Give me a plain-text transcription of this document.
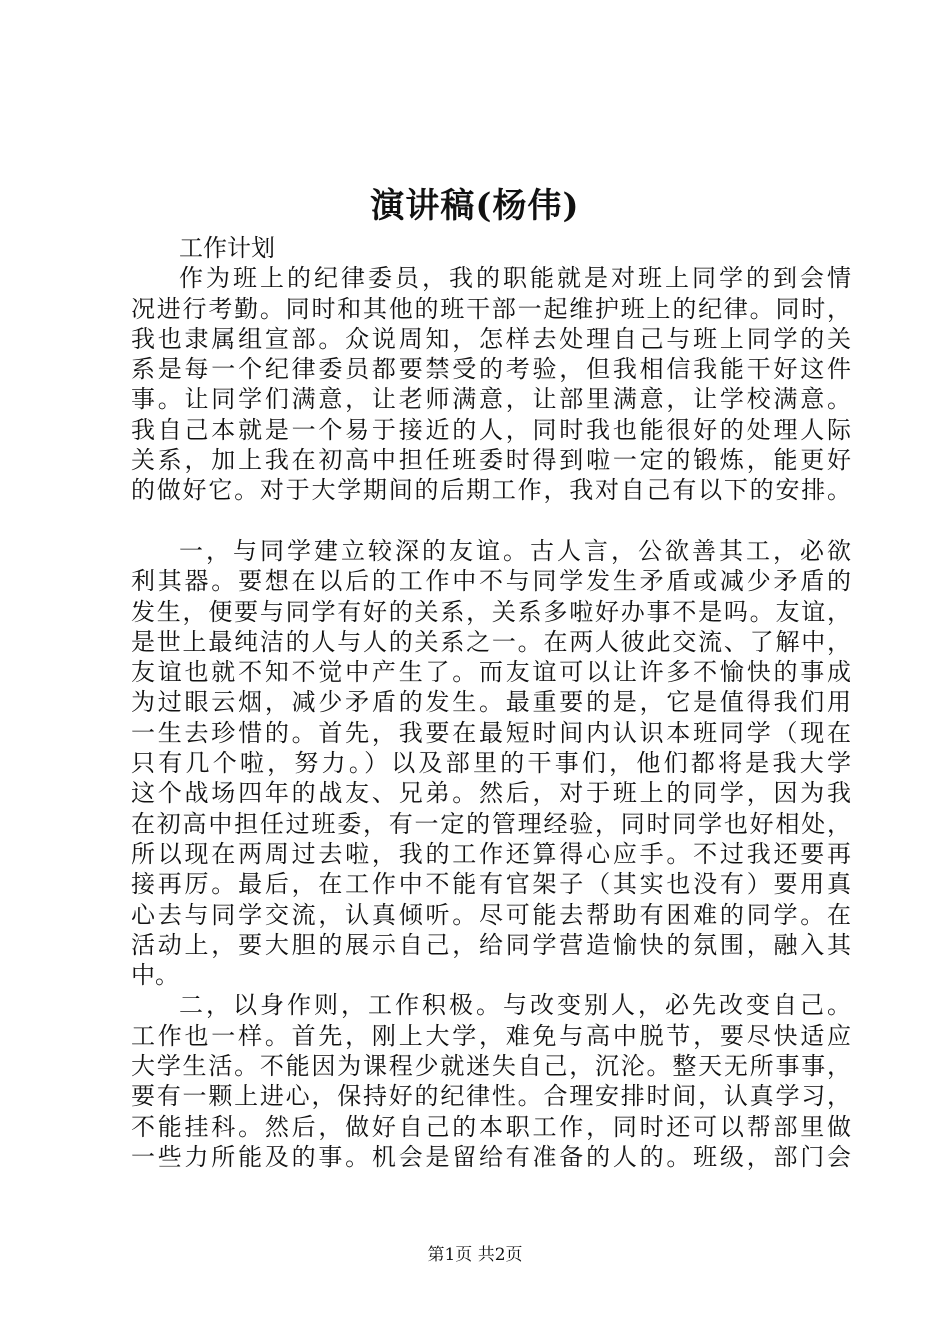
演讲稿(杨伟)
工作计划
作为班上的纪律委员，我的职能就是对班上同学的到会情
况进行考勤。同时和其他的班干部一起维护班上的纪律。同时，
我也隶属组宣部。众说周知，怎样去处理自己与班上同学的关
系是每一个纪律委员都要禁受的考验，但我相信我能干好这件
事。让同学们满意，让老师满意，让部里满意，让学校满意。
我自己本就是一个易于接近的人，同时我也能很好的处理人际
关系，加上我在初高中担任班委时得到啦一定的锻炼，能更好
的做好它。对于大学期间的后期工作，我对自己有以下的安排。
一，与同学建立较深的友谊。古人言，公欲善其工，必欲
利其器。要想在以后的工作中不与同学发生矛盾或减少矛盾的
发生，便要与同学有好的关系，关系多啦好办事不是吗。友谊，
是世上最纯洁的人与人的关系之一。在两人彼此交流、了解中，
友谊也就不知不觉中产生了。而友谊可以让许多不愉快的事成
为过眼云烟，减少矛盾的发生。最重要的是，它是值得我们用
一生去珍惜的。首先，我要在最短时间内认识本班同学（现在
只有几个啦，努力。）以及部里的干事们，他们都将是我大学
这个战场四年的战友、兄弟。然后，对于班上的同学，因为我
在初高中担任过班委，有一定的管理经验，同时同学也好相处，
所以现在两周过去啦，我的工作还算得心应手。不过我还要再
接再厉。最后，在工作中不能有官架子（其实也没有）要用真
心去与同学交流，认真倾听。尽可能去帮助有困难的同学。在
活动上，要大胆的展示自己，给同学营造愉快的氛围，融入其
中。
二，以身作则，工作积极。与改变别人，必先改变自己。
工作也一样。首先，刚上大学，难免与高中脱节，要尽快适应
大学生活。不能因为课程少就迷失自己，沉沦。整天无所事事，
要有一颗上进心，保持好的纪律性。合理安排时间，认真学习，
不能挂科。然后，做好自己的本职工作，同时还可以帮部里做
一些力所能及的事。机会是留给有准备的人的。班级，部门会
第1页 共2页
